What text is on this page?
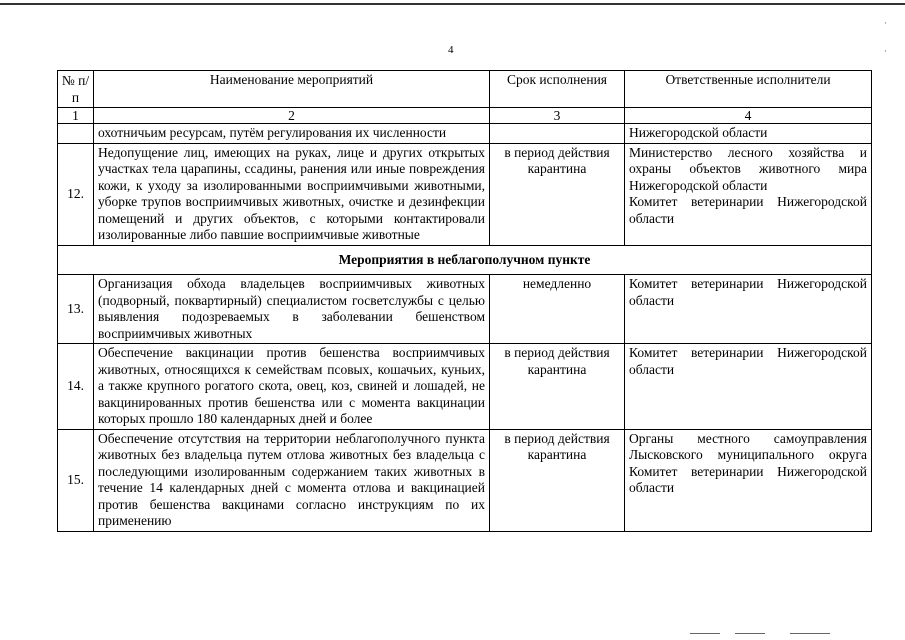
4
·
·
№ п/п	Наименование мероприятий	Срок исполнения	Ответственные исполнители
1	2	3	4
	охотничьим ресурсам, путём регулирования их численности		Нижегородской области

12.	Недопущение лиц, имеющих на руках, лице и других открытых участках тела царапины, ссадины, ранения или иные повреждения кожи, к уходу за изолированными восприимчивыми животными, уборке трупов восприимчивых животных, очистке и дезинфекции помещений и других объектов, с которыми контактировали изолированные либо павшие восприимчивые животные	в период действия карантина	Министерство лесного хозяйства и охраны объектов животного мира Нижегородской области
Комитет ветеринарии Нижегородской области

Мероприятия в неблагополучном пункте			
13.	Организация обхода владельцев восприимчивых животных (подворный, поквартирный) специалистом госветслужбы с целью выявления подозреваемых в заболевании бешенством восприимчивых животных	немедленно	Комитет ветеринарии Нижегородской области

14.	Обеспечение вакцинации против бешенства восприимчивых животных, относящихся к семействам псовых, кошачьих, куньих, а также крупного рогатого скота, овец, коз, свиней и лошадей, не вакцинированных против бешенства или с момента вакцинации которых прошло 180 календарных дней и более	в период действия карантина	Комитет ветеринарии Нижегородской области

15.	Обеспечение отсутствия на территории неблагополучного пункта животных без владельца путем отлова животных без владельца с последующими изолированным содержанием таких животных в течение 14 календарных дней с момента отлова и вакцинацией против бешенства вакцинами согласно инструкциям по их применению	в период действия карантина	Органы местного самоуправления Лысковского муниципального округа
Комитет ветеринарии Нижегородской области
